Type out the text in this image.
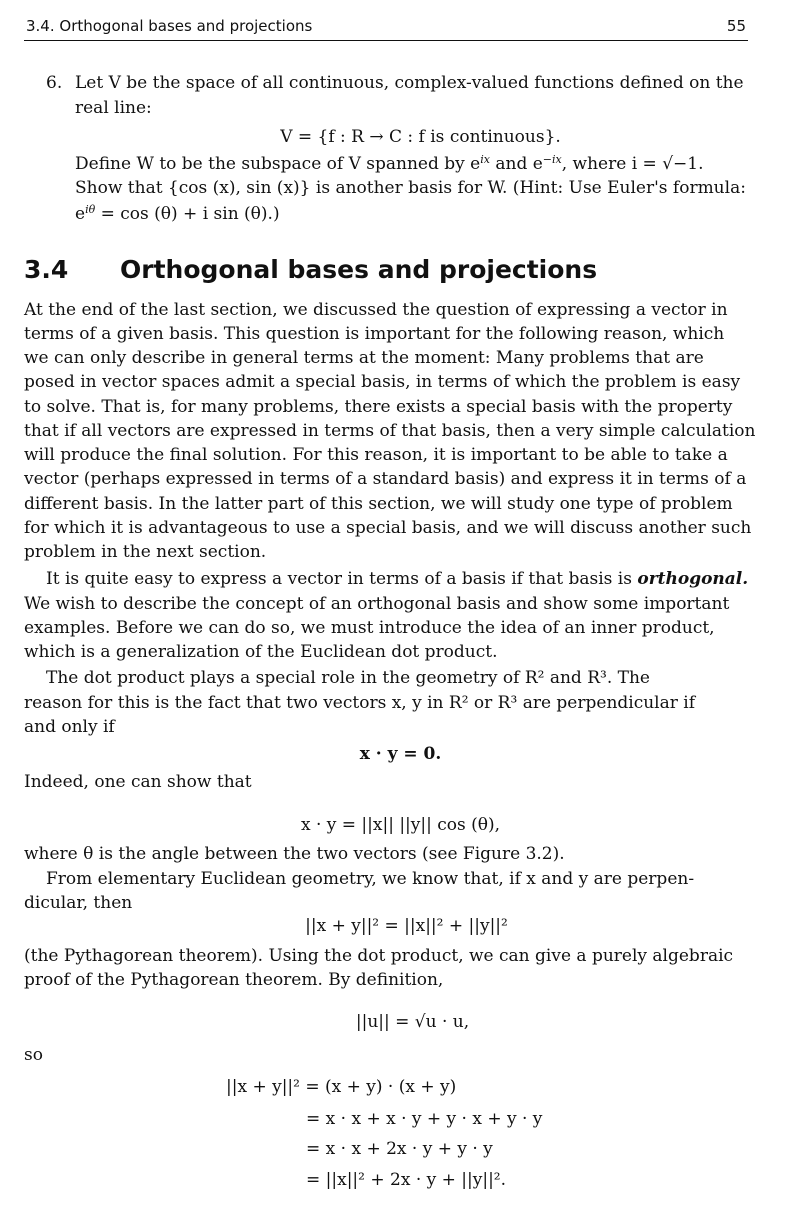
3.4. Orthogonal bases and projections	55
6. Let V be the space of all continuous, complex-valued functions defined on the
real line:
V = {f : R → C : f is continuous}.
Define W to be the subspace of V spanned by $e^{ix}$ and $e^{-ix}$, where i = √−1.
Show that {cos (x), sin (x)} is another basis for W. (Hint: Use Euler's formula:
$e^{i\theta} = \cos (\theta) + i$ sin (θ).)
3.4 Orthogonal bases and projections
At the end of the last section, we discussed the question of expressing a vector in
terms of a given basis. This question is important for the following reason, which
we can only describe in general terms at the moment: Many problems that are
posed in vector spaces admit a special basis, in terms of which the problem is easy
to solve. That is, for many problems, there exists a special basis with the property
that if all vectors are expressed in terms of that basis, then a very simple calculation
will produce the final solution. For this reason, it is important to be able to take a
vector (perhaps expressed in terms of a standard basis) and express it in terms of a
different basis. In the latter part of this section, we will study one type of problem
for which it is advantageous to use a special basis, and we will discuss another such
problem in the next section.
It is quite easy to express a vector in terms of a basis if that basis is orthogonal.
We wish to describe the concept of an orthogonal basis and show some important
examples. Before we can do so, we must introduce the idea of an inner product,
which is a generalization of the Euclidean dot product.
The dot product plays a special role in the geometry of R² and R³. The
reason for this is the fact that two vectors x, y in R² or R³ are perpendicular if
and only if
x · y = 0.
Indeed, one can show that
x · y = ||x|| ||y|| cos (θ),
where θ is the angle between the two vectors (see Figure 3.2).
From elementary Euclidean geometry, we know that, if x and y are perpen-
dicular, then
||x + y||² = ||x||² + ||y||²
(the Pythagorean theorem). Using the dot product, we can give a purely algebraic
proof of the Pythagorean theorem. By definition,
||u|| = √u · u,
so
||x + y||² = (x + y) · (x + y)
= x · x + x · y + y · x + y · y
= x · x + 2x · y + y · y
= ||x||² + 2x · y + ||y||².
